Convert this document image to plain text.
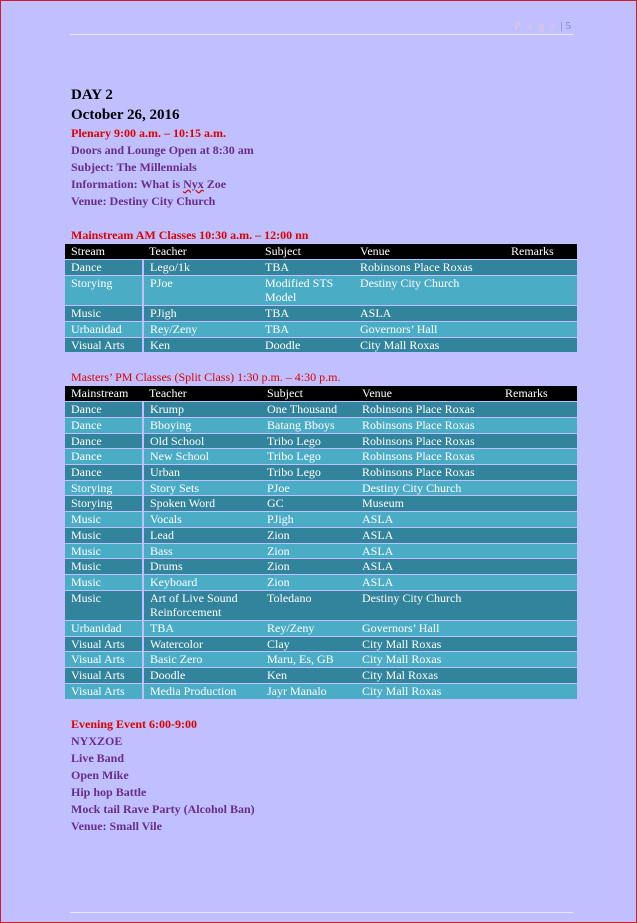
P a g e | 5
DAY 2
October 26, 2016
Plenary 9:00 a.m. – 10:15 a.m.
Doors and Lounge Open at 8:30 am
Subject: The Millennials
Information: What is Nyx Zoe
Venue: Destiny City Church
Mainstream AM Classes 10:30 a.m. – 12:00 nn
Stream	Teacher	Subject	Venue	Remarks

Dance	Lego/1k	TBA	Robinsons Place Roxas	

Storying	PJoe	Modified STS Model	Destiny City Church	

Music	PJigh	TBA	ASLA	

Urbanidad	Rey/Zeny	TBA	Governors’ Hall	

Visual Arts	Ken	Doodle	City Mall Roxas	
Masters’ PM Classes (Split Class) 1:30 p.m. – 4:30 p.m.
Mainstream	Teacher	Subject	Venue	Remarks

Dance	Krump	One Thousand	Robinsons Place Roxas	

Dance	Bboying	Batang Bboys	Robinsons Place Roxas	

Dance	Old School	Tribo Lego	Robinsons Place Roxas	

Dance	New School	Tribo Lego	Robinsons Place Roxas	

Dance	Urban	Tribo Lego	Robinsons Place Roxas	

Storying	Story Sets	PJoe	Destiny City Church	

Storying	Spoken Word	GC	Museum	

Music	Vocals	PJigh	ASLA	

Music	Lead	Zion	ASLA	

Music	Bass	Zion	ASLA	

Music	Drums	Zion	ASLA	

Music	Keyboard	Zion	ASLA	

Music	Art of Live Sound Reinforcement	Toledano	Destiny City Church	

Urbanidad	TBA	Rey/Zeny	Governors’ Hall	

Visual Arts	Watercolor	Clay	City Mall Roxas	

Visual Arts	Basic Zero	Maru, Es, GB	City Mall Roxas	

Visual Arts	Doodle	Ken	City Mal Roxas	

Visual Arts	Media Production	Jayr Manalo	City Mall Roxas	
Evening Event 6:00-9:00
NYXZOE
Live Band
Open Mike
Hip hop Battle
Mock tail Rave Party (Alcohol Ban)
Venue: Small Vile
